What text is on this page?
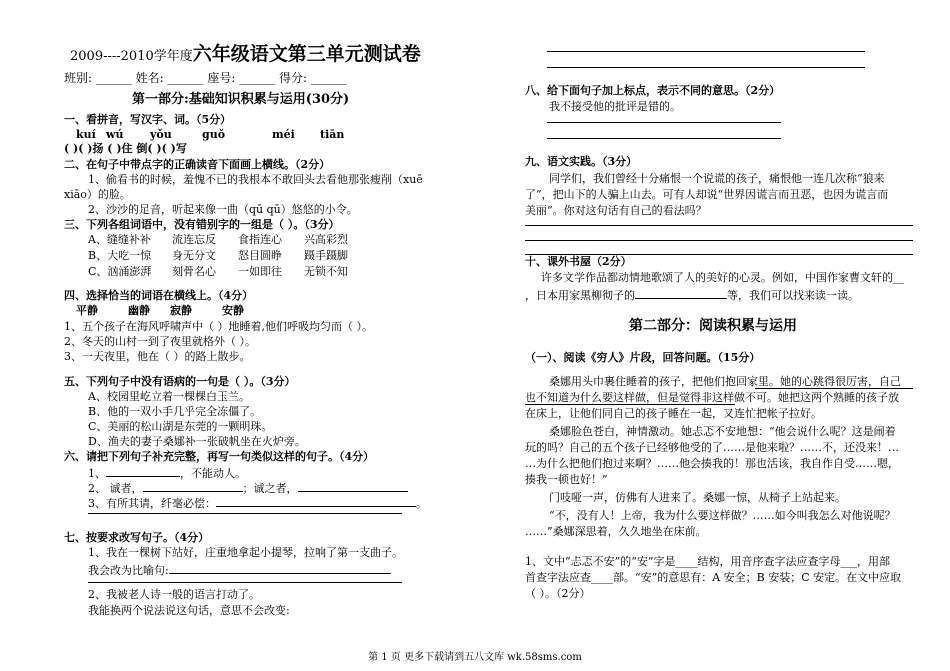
2009----2010学年度六年级语文第三单元测试卷
班别: ______ 姓名: ______ 座号: ______ 得分: ______
第一部分:基础知识积累与运用(30分)
一、看拼音，写汉字、词。（5分）
kuí wú yǒu	guǒ	méi tiān
( )( )扬 ( )住 倒( )( )写
二、在句子中带点字的正确读音下面画上横线。（2分）
1、偷看书的时候，羞愧不已的我根本不敢回头去看他那张瘦削（xuē
xiāo）的脸。
2、沙沙的足音，听起来像一曲（qū qū）悠悠的小令。
三、下列各组词语中，没有错别字的一组是（ ）。（3分）
A、缝缝补补 流连忘反 食指连心 兴高彩烈
B、大吃一惊 身无分文 怒目圆睁 蹑手蹑脚
C、汹涌澎湃 刻骨名心 一如即往 无锁不知
四、选择恰当的词语在横线上。（4分）
平静	幽静 寂静	安静
1、五个孩子在海风呼啸声中（ ）地睡着,他们呼吸均匀而（ ）。
2、冬天的山村一到了夜里就格外（ ）。
3、一天夜里，他在（ ）的路上散步。
五、下列句子中没有语病的一句是（ ）。（3分）
A、校园里屹立着一棵棵白玉兰。
B、他的一双小手几乎完全冻僵了。
C、美丽的松山湖是东莞的一颗明珠。
D、渔夫的妻子桑娜补一张破帆坐在火炉旁。
六、请把下列句子补充完整，再写一句类似这样的句子。（4分）
1、	，不能动人。
2、 诚者，	；诚之者，
3、有所其请，纤毫必偿：	。
七、按要求改写句子。（4分）
1、我在一棵树下站好，庄重地拿起小提琴，拉响了第一支曲子。
我会改为比喻句:
2、我被老人诗一般的语言打动了。
我能换两个说法说这句话，意思不会改变:
八、给下面句子加上标点，表示不同的意思。（2分）
我不接受他的批评是错的。
九、语文实践。（3分）
同学们，我们曾经十分痛恨一个说谎的孩子，痛恨他一连几次称“狼来
了”，把山下的人骗上山去。可有人却说“世界因谎言而丑恶，也因为谎言而
美丽”。你对这句话有自己的看法吗？
十、课外书屋（2分）
许多文学作品都动情地歌颂了人的美好的心灵。例如，中国作家曹文轩的__
，日本用家黑柳彻子的	等，我们可以找来读一读。
第二部分：阅读积累与运用
（一）、阅读《穷人》片段，回答问题。（15分）
桑娜用头巾裹住睡着的孩子，把他们抱回家里。她的心跳得很厉害，自己
也不知道为什么要这样做，但是觉得非这样做不可。她把这两个熟睡的孩子放
在床上，让他们同自己的孩子睡在一起，又连忙把帐子拉好。
桑娜脸色苍白，神情激动。她忐忑不安地想：“他会说什么呢？这是闹着
玩的吗？自己的五个孩子已经够他受的了……是他来啦？……不，还没来！…
…为什么把他们抱过来啊？……他会揍我的！那也活该，我自作自受……嗯，
揍我一顿也好！”
门吱哑一声，仿佛有人进来了。桑娜一惊，从椅子上站起来。
“不，没有人！上帝，我为什么要这样做？……如今叫我怎么对他说呢？
……”桑娜深思着，久久地坐在床前。
1、文中“忐忑不安”的“安”字是____结构，用音序查字法应查字母___，用部
首查字法应查____部。“安”的意思有：A 安全；B 安装；C 安定。在文中应取
（ ）。（2分）
第 1 页 更多下载请到五八文库 wk.58sms.com
